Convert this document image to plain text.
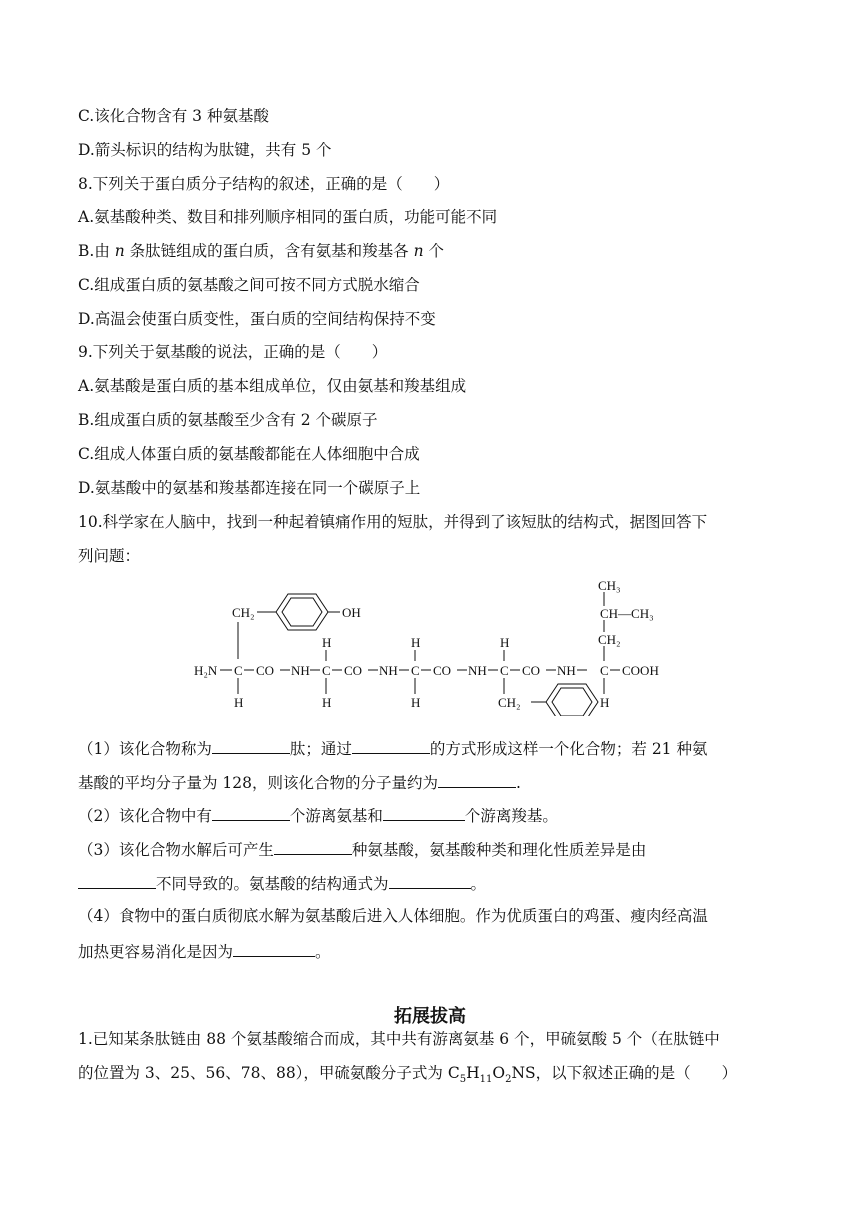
C.该化合物含有 3 种氨基酸
D.箭头标识的结构为肽键，共有 5 个
8.下列关于蛋白质分子结构的叙述，正确的是（　　）
A.氨基酸种类、数目和排列顺序相同的蛋白质，功能可能不同
B.由 n 条肽链组成的蛋白质，含有氨基和羧基各 n 个
C.组成蛋白质的氨基酸之间可按不同方式脱水缩合
D.高温会使蛋白质变性，蛋白质的空间结构保持不变
9.下列关于氨基酸的说法，正确的是（　　）
A.氨基酸是蛋白质的基本组成单位，仅由氨基和羧基组成
B.组成蛋白质的氨基酸至少含有 2 个碳原子
C.组成人体蛋白质的氨基酸都能在人体细胞中合成
D.氨基酸中的氨基和羧基都连接在同一个碳原子上
10.科学家在人脑中，找到一种起着镇痛作用的短肽，并得到了该短肽的结构式，据图回答下
列问题：
H₂N C CO NH C CO NH C CO NH C CO NH C COOH
CH₂	OH
H
H
H
H
H
H
CH₂	H
CH₃
CH—CH₃
CH₂
（1）该化合物称为	肽；通过	的方式形成这样一个化合物；若 21 种氨
基酸的平均分子量为 128，则该化合物的分子量约为	.
（2）该化合物中有	个游离氨基和	个游离羧基。
（3）该化合物水解后可产生	种氨基酸，氨基酸种类和理化性质差异是由
不同导致的。氨基酸的结构通式为	。
（4）食物中的蛋白质彻底水解为氨基酸后进入人体细胞。作为优质蛋白的鸡蛋、瘦肉经高温
加热更容易消化是因为	。
拓展拔高
1.已知某条肽链由 88 个氨基酸缩合而成，其中共有游离氨基 6 个，甲硫氨酸 5 个（在肽链中
的位置为 3、25、56、78、88），甲硫氨酸分子式为 $C_5H_{11}O_2NS$，以下叙述正确的是（　　）
